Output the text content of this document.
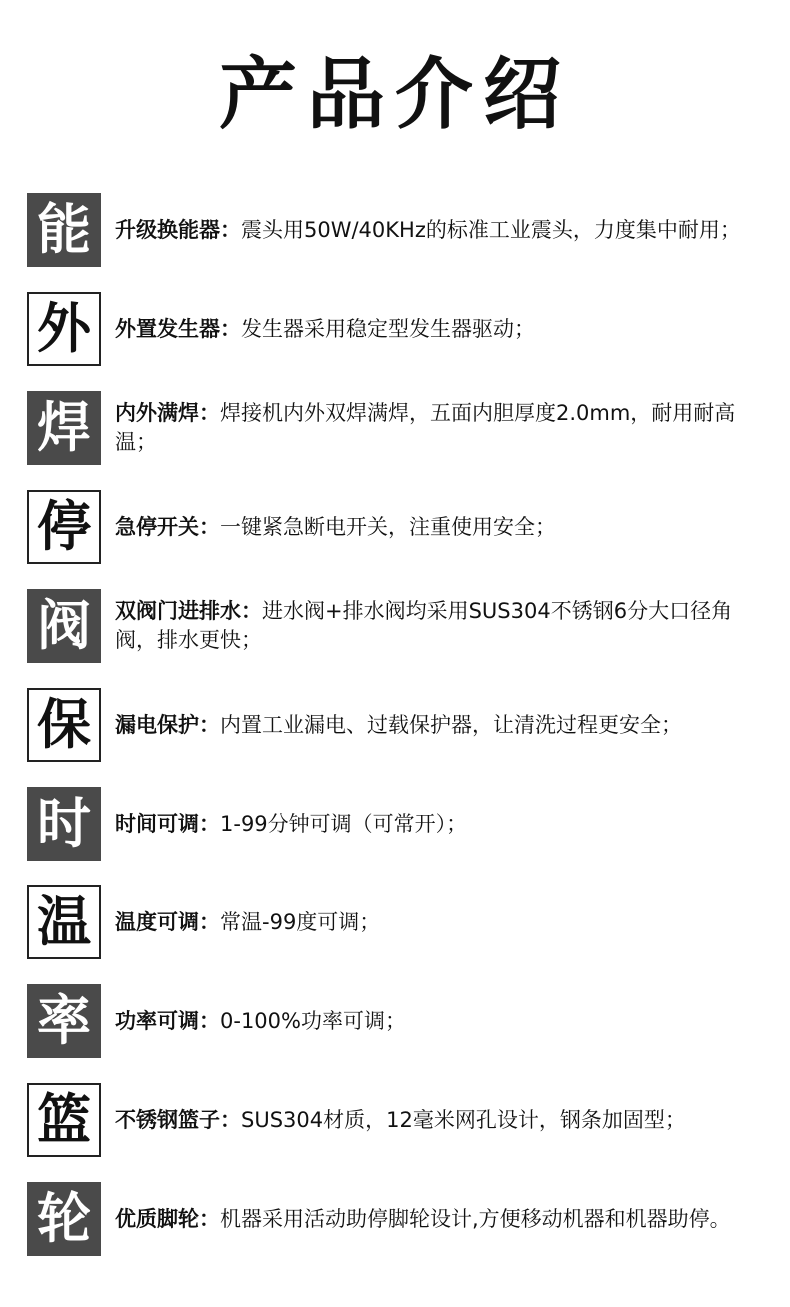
产品介绍
能	升级换能器：震头用50W/40KHz的标准工业震头，力度集中耐用；
外	外置发生器：发生器采用稳定型发生器驱动；
焊	内外满焊：焊接机内外双焊满焊，五面内胆厚度2.0mm，耐用耐高温；
停	急停开关：一键紧急断电开关，注重使用安全；
阀	双阀门进排水：进水阀+排水阀均采用SUS304不锈钢6分大口径角阀，排水更快；
保	漏电保护：内置工业漏电、过载保护器，让清洗过程更安全；
时	时间可调：1-99分钟可调（可常开）；
温	温度可调：常温-99度可调；
率	功率可调：0-100%功率可调；
篮	不锈钢篮子：SUS304材质，12毫米网孔设计，钢条加固型；
轮	优质脚轮：机器采用活动助停脚轮设计,方便移动机器和机器助停。
